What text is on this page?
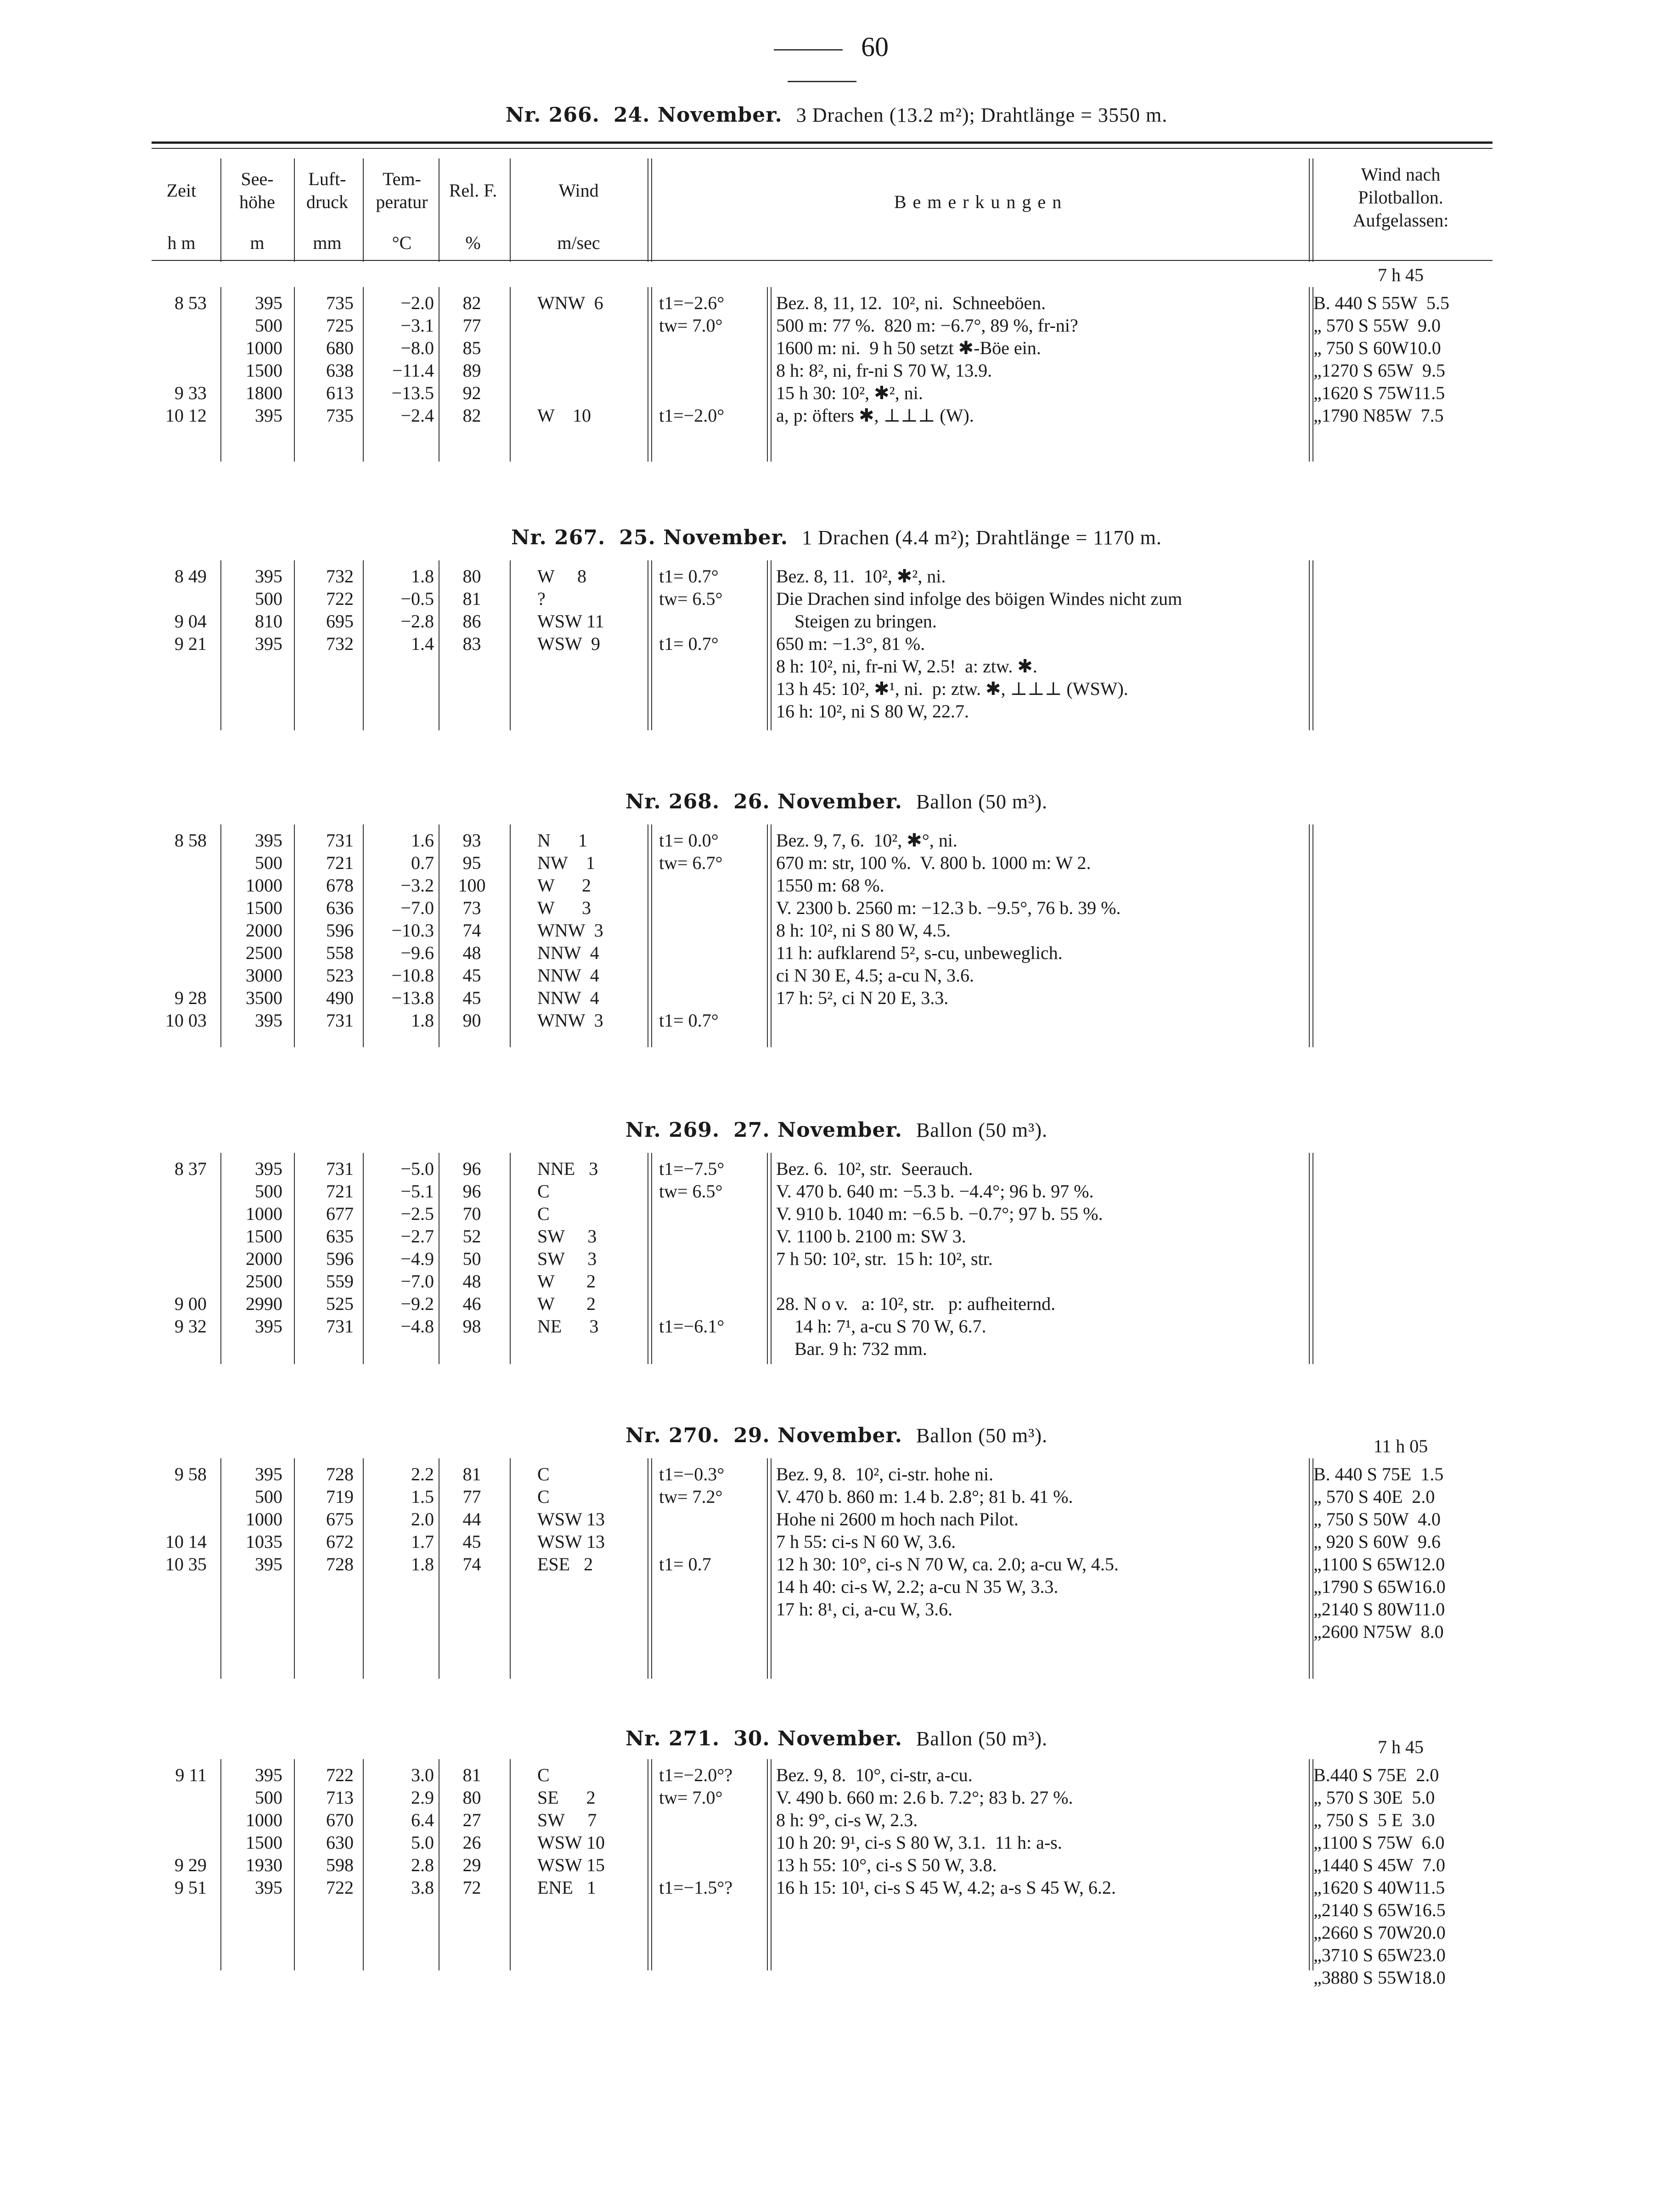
60
Zeit
h m
See-
höhe
m
Luft-
druck
mm
Tem-
peratur
°C
Rel. F.
%
Wind
m/sec
B e m e r k u n g e n
Wind nach
Pilotballon.
Aufgelassen:
Nr. 266. 24. November. 3 Drachen (13.2 m²); Drahtlänge = 3550 m.
7 h 45
8 53
9 33
10 12
395
500
1000
1500
1800
395
735
725
680
638
613
735
−2.0
−3.1
−8.0
−11.4
−13.5
−2.4
82
77
85
89
92
82
WNW  6
W    10
t1=−2.6°
tw= 7.0°
t1=−2.0°
Bez. 8, 11, 12.  10², ni.  Schneeböen.
500 m: 77 %.  820 m: −6.7°, 89 %, fr-ni?
1600 m: ni.  9 h 50 setzt ✱-Böe ein.
8 h: 8², ni, fr-ni S 70 W, 13.9.
15 h 30: 10², ✱², ni.
a, p: öfters ✱, ⊥⊥⊥ (W).
B. 440 S 55W  5.5
„ 570 S 55W  9.0
„ 750 S 60W10.0
„1270 S 65W  9.5
„1620 S 75W11.5
„1790 N85W  7.5
Nr. 267. 25. November. 1 Drachen (4.4 m²); Drahtlänge = 1170 m.
8 49
9 04
9 21
395
500
810
395
732
722
695
732
1.8
−0.5
−2.8
1.4
80
81
86
83
W     8
?
WSW 11
WSW  9
t1= 0.7°
tw= 6.5°
t1= 0.7°
Bez. 8, 11.  10², ✱², ni.
Die Drachen sind infolge des böigen Windes nicht zum
Steigen zu bringen.
650 m: −1.3°, 81 %.
8 h: 10², ni, fr-ni W, 2.5!  a: ztw. ✱.
13 h 45: 10², ✱¹, ni.  p: ztw. ✱, ⊥⊥⊥ (WSW).
16 h: 10², ni S 80 W, 22.7.
Nr. 268. 26. November. Ballon (50 m³).
8 58
9 28
10 03
395
500
1000
1500
2000
2500
3000
3500
395
731
721
678
636
596
558
523
490
731
1.6
0.7
−3.2
−7.0
−10.3
−9.6
−10.8
−13.8
1.8
93
95
100
73
74
48
45
45
90
N      1
NW    1
W      2
W      3
WNW  3
NNW  4
NNW  4
NNW  4
WNW  3
t1= 0.0°
tw= 6.7°
t1= 0.7°
Bez. 9, 7, 6.  10², ✱°, ni.
670 m: str, 100 %.  V. 800 b. 1000 m: W 2.
1550 m: 68 %.
V. 2300 b. 2560 m: −12.3 b. −9.5°, 76 b. 39 %.
8 h: 10², ni S 80 W, 4.5.
11 h: aufklarend 5², s-cu, unbeweglich.
ci N 30 E, 4.5; a-cu N, 3.6.
17 h: 5², ci N 20 E, 3.3.
Nr. 269. 27. November. Ballon (50 m³).
8 37
9 00
9 32
395
500
1000
1500
2000
2500
2990
395
731
721
677
635
596
559
525
731
−5.0
−5.1
−2.5
−2.7
−4.9
−7.0
−9.2
−4.8
96
96
70
52
50
48
46
98
NNE   3
C
C
SW     3
SW     3
W       2
W       2
NE      3
t1=−7.5°
tw= 6.5°
t1=−6.1°
Bez. 6.  10², str.  Seerauch.
V. 470 b. 640 m: −5.3 b. −4.4°; 96 b. 97 %.
V. 910 b. 1040 m: −6.5 b. −0.7°; 97 b. 55 %.
V. 1100 b. 2100 m: SW 3.
7 h 50: 10², str.  15 h: 10², str.
28. N o v.   a: 10², str.   p: aufheiternd.
14 h: 7¹, a-cu S 70 W, 6.7.
Bar. 9 h: 732 mm.
Nr. 270. 29. November. Ballon (50 m³).	11 h 05
9 58
10 14
10 35
395
500
1000
1035
395
728
719
675
672
728
2.2
1.5
2.0
1.7
1.8
81
77
44
45
74
C
C
WSW 13
WSW 13
ESE   2
t1=−0.3°
tw= 7.2°
t1= 0.7
Bez. 9, 8.  10², ci-str. hohe ni.
V. 470 b. 860 m: 1.4 b. 2.8°; 81 b. 41 %.
Hohe ni 2600 m hoch nach Pilot.
7 h 55: ci-s N 60 W, 3.6.
12 h 30: 10°, ci-s N 70 W, ca. 2.0; a-cu W, 4.5.
14 h 40: ci-s W, 2.2; a-cu N 35 W, 3.3.
17 h: 8¹, ci, a-cu W, 3.6.
B. 440 S 75E  1.5
„ 570 S 40E  2.0
„ 750 S 50W  4.0
„ 920 S 60W  9.6
„1100 S 65W12.0
„1790 S 65W16.0
„2140 S 80W11.0
„2600 N75W  8.0
Nr. 271. 30. November. Ballon (50 m³).	7 h 45
9 11
9 29
9 51
395
500
1000
1500
1930
395
722
713
670
630
598
722
3.0
2.9
6.4
5.0
2.8
3.8
81
80
27
26
29
72
C
SE      2
SW     7
WSW 10
WSW 15
ENE   1
t1=−2.0°?
tw= 7.0°
t1=−1.5°?
Bez. 9, 8.  10°, ci-str, a-cu.
V. 490 b. 660 m: 2.6 b. 7.2°; 83 b. 27 %.
8 h: 9°, ci-s W, 2.3.
10 h 20: 9¹, ci-s S 80 W, 3.1.  11 h: a-s.
13 h 55: 10°, ci-s S 50 W, 3.8.
16 h 15: 10¹, ci-s S 45 W, 4.2; a-s S 45 W, 6.2.
B.440 S 75E  2.0
„ 570 S 30E  5.0
„ 750 S  5 E  3.0
„1100 S 75W  6.0
„1440 S 45W  7.0
„1620 S 40W11.5
„2140 S 65W16.5
„2660 S 70W20.0
„3710 S 65W23.0
„3880 S 55W18.0
